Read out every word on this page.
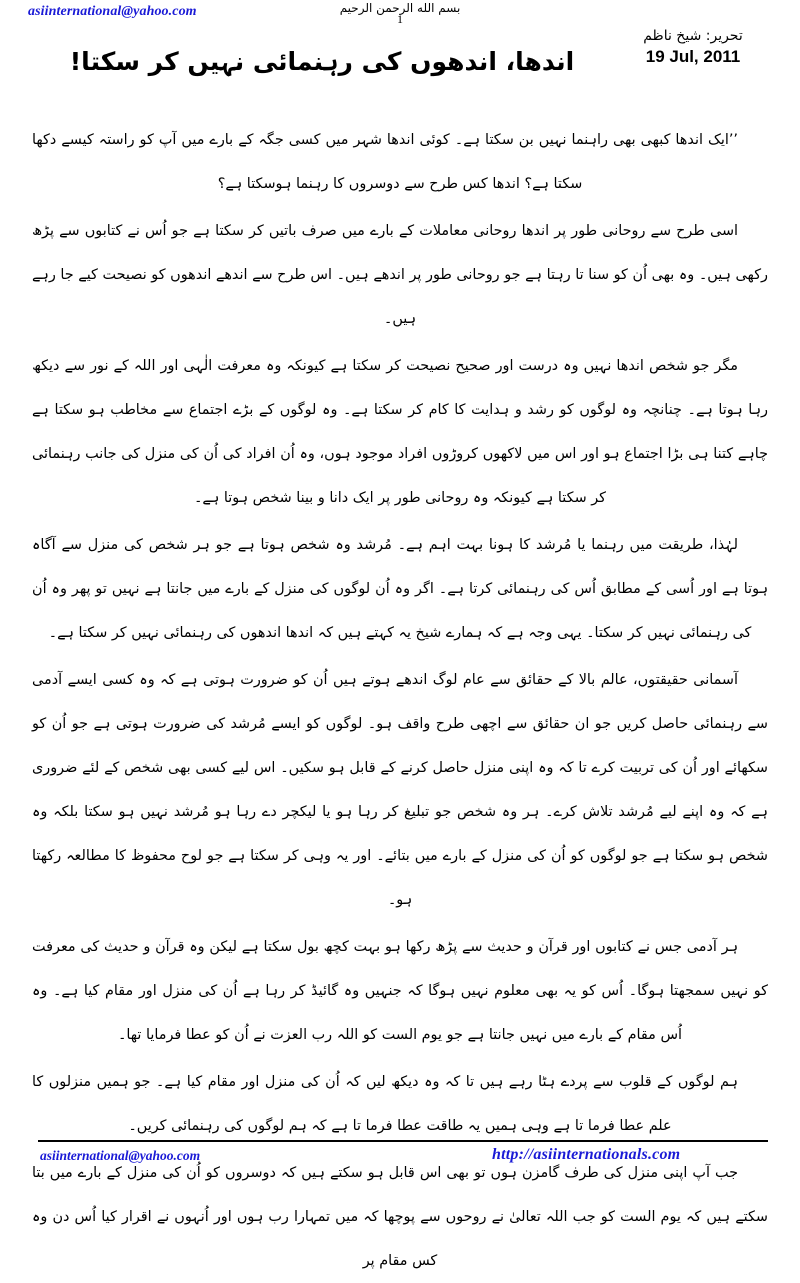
asiinternational@yahoo.com	بسم الله الرحمن الرحيم
1
تحریر: شیخ ناظم
19 Jul, 2011
اندھا، اندھوں کی رہنمائی نہیں کر سکتا!

’’ایک اندھا کبھی بھی راہنما نہیں بن سکتا ہے۔ کوئی اندھا شہر میں کسی جگہ کے بارے میں آپ کو راستہ کیسے دکھا سکتا ہے؟ اندھا کس طرح سے دوسروں کا رہنما ہوسکتا ہے؟

اسی طرح سے روحانی طور پر اندھا روحانی معاملات کے بارے میں صرف باتیں کر سکتا ہے جو اُس نے کتابوں سے پڑھ رکھی ہیں۔ وہ بھی اُن کو سنا تا رہتا ہے جو روحانی طور پر اندھے ہیں۔ اس طرح سے اندھے اندھوں کو نصیحت کیے جا رہے ہیں۔

مگر جو شخص اندھا نہیں وہ درست اور صحیح نصیحت کر سکتا ہے کیونکہ وہ معرفت الٰہی اور اللہ کے نور سے دیکھ رہا ہوتا ہے۔ چنانچہ وہ لوگوں کو رشد و ہدایت کا کام کر سکتا ہے۔ وہ لوگوں کے بڑے اجتماع سے مخاطب ہو سکتا ہے چاہے کتنا ہی بڑا اجتماع ہو اور اس میں لاکھوں کروڑوں افراد موجود ہوں، وہ اُن افراد کی اُن کی منزل کی جانب رہنمائی کر سکتا ہے کیونکہ وہ روحانی طور پر ایک دانا و بینا شخص ہوتا ہے۔

لہٰذا، طریقت میں رہنما یا مُرشد کا ہونا بہت اہم ہے۔ مُرشد وہ شخص ہوتا ہے جو ہر شخص کی منزل سے آگاہ ہوتا ہے اور اُسی کے مطابق اُس کی رہنمائی کرتا ہے۔ اگر وہ اُن لوگوں کی منزل کے بارے میں جانتا ہے نہیں تو پھر وہ اُن کی رہنمائی نہیں کر سکتا۔ یہی وجہ ہے کہ ہمارے شیخ یہ کہتے ہیں کہ اندھا اندھوں کی رہنمائی نہیں کر سکتا ہے۔

آسمانی حقیقتوں، عالم بالا کے حقائق سے عام لوگ اندھے ہوتے ہیں اُن کو ضرورت ہوتی ہے کہ وہ کسی ایسے آدمی سے رہنمائی حاصل کریں جو ان حقائق سے اچھی طرح واقف ہو۔ لوگوں کو ایسے مُرشد کی ضرورت ہوتی ہے جو اُن کو سکھائے اور اُن کی تربیت کرے تا کہ وہ اپنی منزل حاصل کرنے کے قابل ہو سکیں۔ اس لیے کسی بھی شخص کے لئے ضروری ہے کہ وہ اپنے لیے مُرشد تلاش کرے۔ ہر وہ شخص جو تبلیغ کر رہا ہو یا لیکچر دے رہا ہو مُرشد نہیں ہو سکتا بلکہ وہ شخص ہو سکتا ہے جو لوگوں کو اُن کی منزل کے بارے میں بتائے۔ اور یہ وہی کر سکتا ہے جو لوح محفوظ کا مطالعہ رکھتا ہو۔

ہر آدمی جس نے کتابوں اور قرآن و حدیث سے پڑھ رکھا ہو بہت کچھ بول سکتا ہے لیکن وہ قرآن و حدیث کی معرفت کو نہیں سمجھتا ہوگا۔ اُس کو یہ بھی معلوم نہیں ہوگا کہ جنہیں وہ گائیڈ کر رہا ہے اُن کی منزل اور مقام کیا ہے۔ وہ اُس مقام کے بارے میں نہیں جانتا ہے جو یوم الست کو اللہ رب العزت نے اُن کو عطا فرمایا تھا۔

ہم لوگوں کے قلوب سے پردے ہٹا رہے ہیں تا کہ وہ دیکھ لیں کہ اُن کی منزل اور مقام کیا ہے۔ جو ہمیں منزلوں کا علم عطا فرما تا ہے وہی ہمیں یہ طاقت عطا فرما تا ہے کہ ہم لوگوں کی رہنمائی کریں۔

جب آپ اپنی منزل کی طرف گامزن ہوں تو بھی اس قابل ہو سکتے ہیں کہ دوسروں کو اُن کی منزل کے بارے میں بتا سکتے ہیں کہ یوم الست کو جب اللہ تعالیٰ نے روحوں سے پوچھا کہ میں تمہارا رب ہوں اور اُنہوں نے اقرار کیا اُس دن وہ کس مقام پر

asiinternational@yahoo.com	http://asiinternationals.com
